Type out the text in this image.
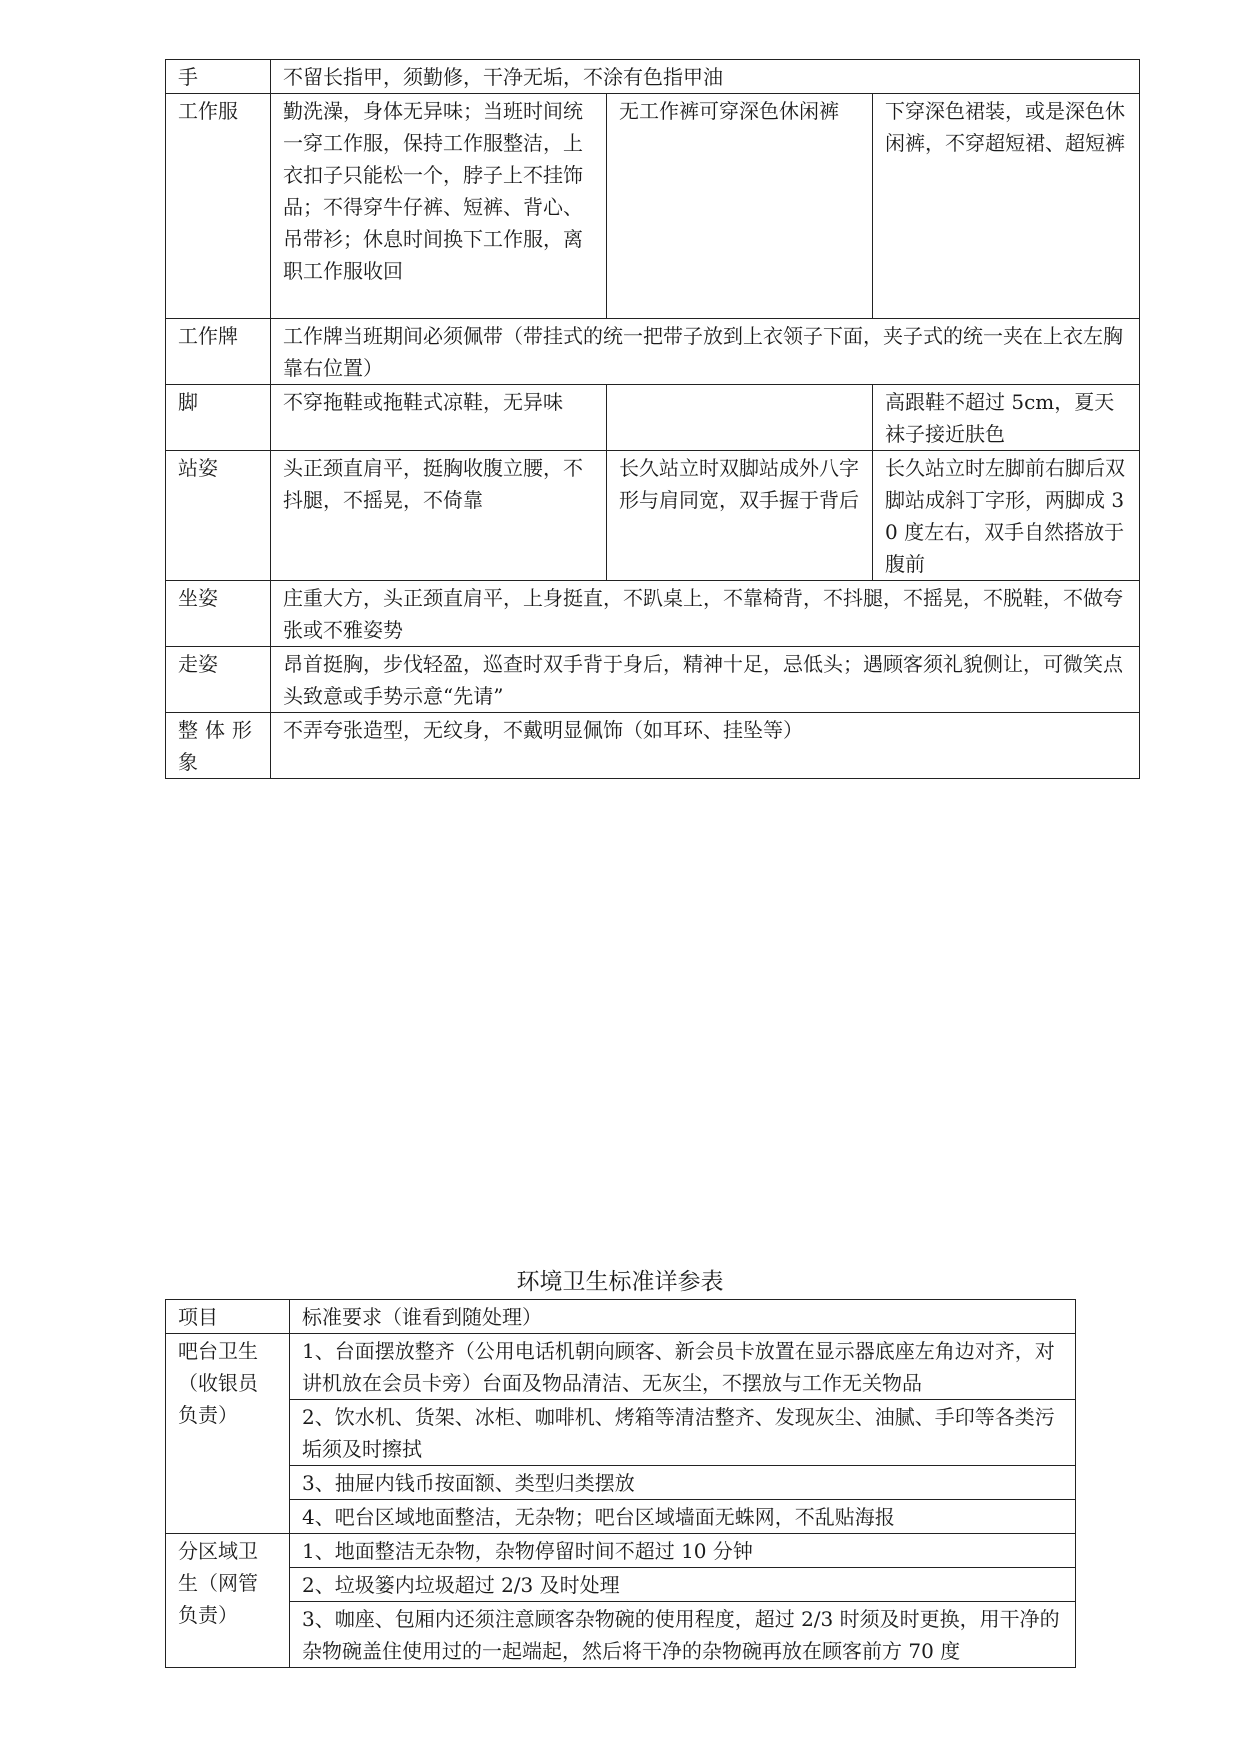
手	不留长指甲，须勤修，干净无垢，不涂有色指甲油		
工作服	勤洗澡，身体无异味；当班时间统一穿工作服，保持工作服整洁，上衣扣子只能松一个，脖子上不挂饰品；不得穿牛仔裤、短裤、背心、吊带衫；休息时间换下工作服，离职工作服收回	无工作裤可穿深色休闲裤	下穿深色裙装，或是深色休闲裤，不穿超短裙、超短裤
工作牌	工作牌当班期间必须佩带（带挂式的统一把带子放到上衣领子下面，夹子式的统一夹在上衣左胸靠右位置）		
脚	不穿拖鞋或拖鞋式凉鞋，无异味		高跟鞋不超过 5cm，夏天袜子接近肤色
站姿	头正颈直肩平，挺胸收腹立腰，不抖腿，不摇晃，不倚靠	长久站立时双脚站成外八字形与肩同宽，双手握于背后	长久站立时左脚前右脚后双脚站成斜丁字形，两脚成 30 度左右，双手自然搭放于腹前
坐姿	庄重大方，头正颈直肩平，上身挺直，不趴桌上，不靠椅背，不抖腿，不摇晃，不脱鞋，不做夸张或不雅姿势		
走姿	昂首挺胸，步伐轻盈，巡查时双手背于身后，精神十足，忌低头；遇顾客须礼貌侧让，可微笑点头致意或手势示意“先请”		
整体形象	不弄夸张造型，无纹身，不戴明显佩饰（如耳环、挂坠等）		
环境卫生标准详参表
项目	标准要求（谁看到随处理）
吧台卫生（收银员负责）	1、台面摆放整齐（公用电话机朝向顾客、新会员卡放置在显示器底座左角边对齐，对讲机放在会员卡旁）台面及物品清洁、无灰尘，不摆放与工作无关物品
	2、饮水机、货架、冰柜、咖啡机、烤箱等清洁整齐、发现灰尘、油腻、手印等各类污垢须及时擦拭
	3、抽屉内钱币按面额、类型归类摆放
	4、吧台区域地面整洁，无杂物；吧台区域墙面无蛛网，不乱贴海报
分区域卫生（网管负责）	1、地面整洁无杂物，杂物停留时间不超过 10 分钟
	2、垃圾篓内垃圾超过 2/3 及时处理
	3、咖座、包厢内还须注意顾客杂物碗的使用程度，超过 2/3 时须及时更换，用干净的杂物碗盖住使用过的一起端起，然后将干净的杂物碗再放在顾客前方 70 度
